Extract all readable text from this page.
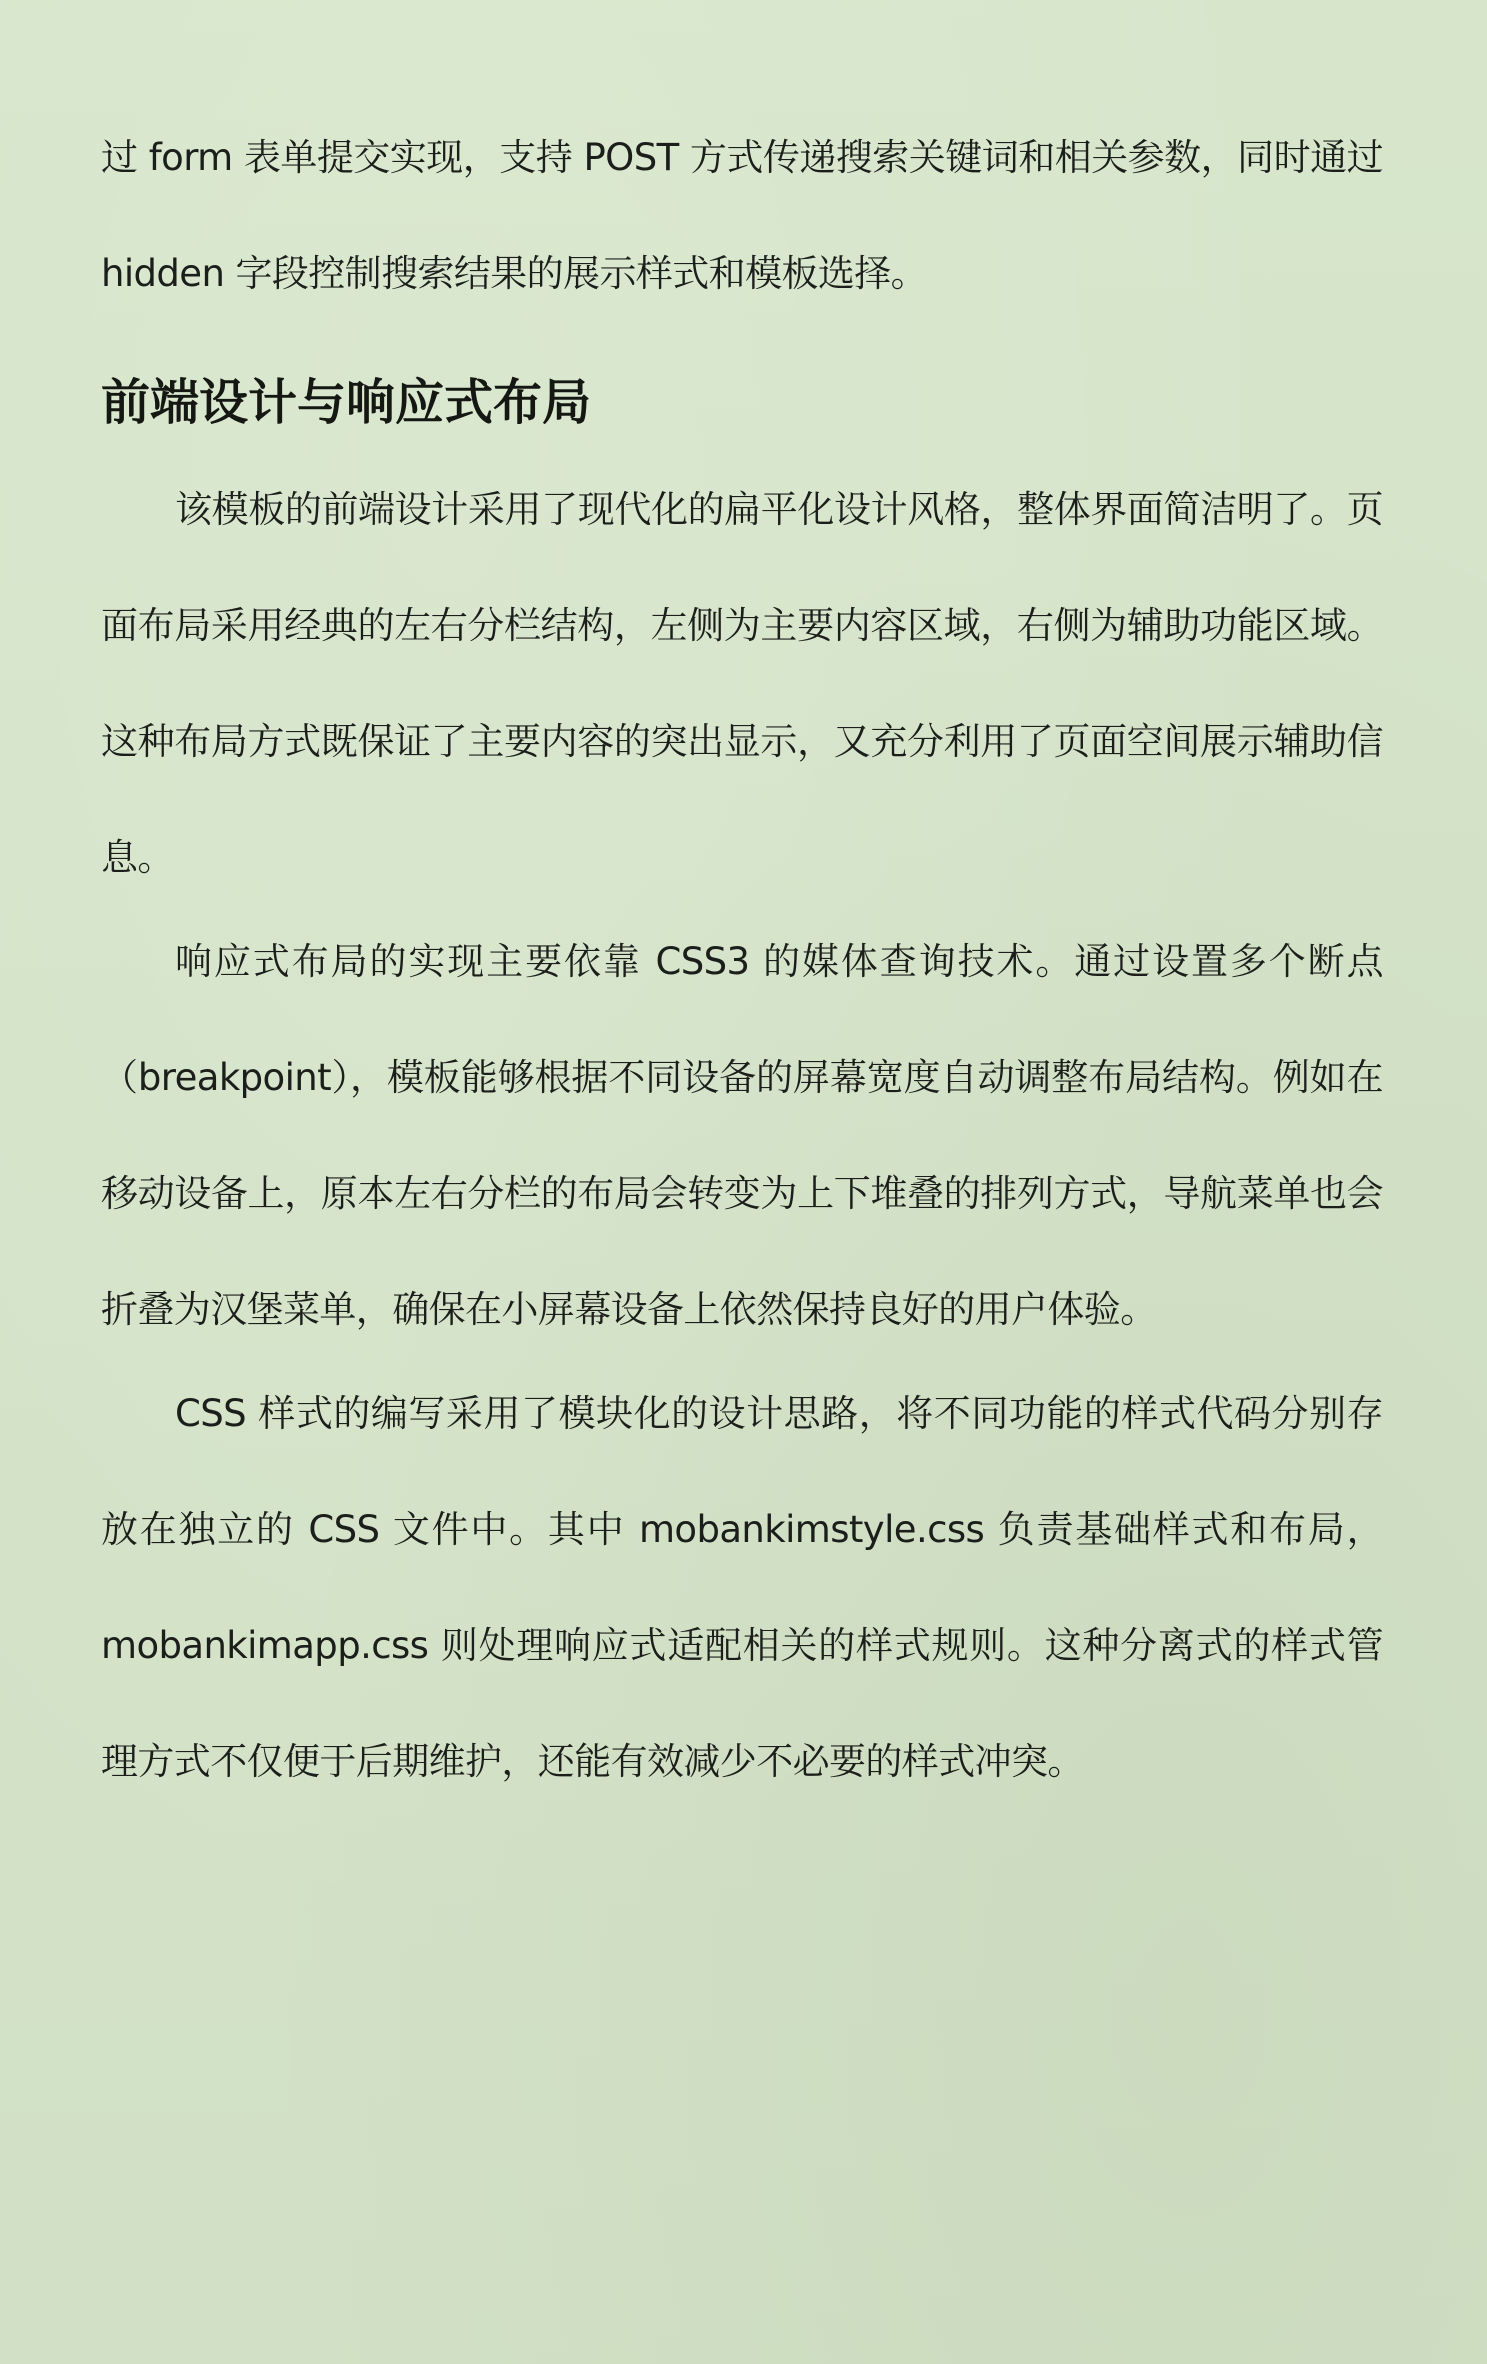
过 form 表单提交实现，支持 POST 方式传递搜索关键词和相关参数，同时通过 hidden 字段控制搜索结果的展示样式和模板选择。

前端设计与响应式布局

该模板的前端设计采用了现代化的扁平化设计风格，整体界面简洁明了。页面布局采用经典的左右分栏结构，左侧为主要内容区域，右侧为辅助功能区域。这种布局方式既保证了主要内容的突出显示，又充分利用了页面空间展示辅助信息。

响应式布局的实现主要依靠 CSS3 的媒体查询技术。通过设置多个断点（breakpoint），模板能够根据不同设备的屏幕宽度自动调整布局结构。例如在移动设备上，原本左右分栏的布局会转变为上下堆叠的排列方式，导航菜单也会折叠为汉堡菜单，确保在小屏幕设备上依然保持良好的用户体验。

CSS 样式的编写采用了模块化的设计思路，将不同功能的样式代码分别存放在独立的 CSS 文件中。其中 mobankimstyle.css 负责基础样式和布局，mobankimapp.css 则处理响应式适配相关的样式规则。这种分离式的样式管理方式不仅便于后期维护，还能有效减少不必要的样式冲突。
